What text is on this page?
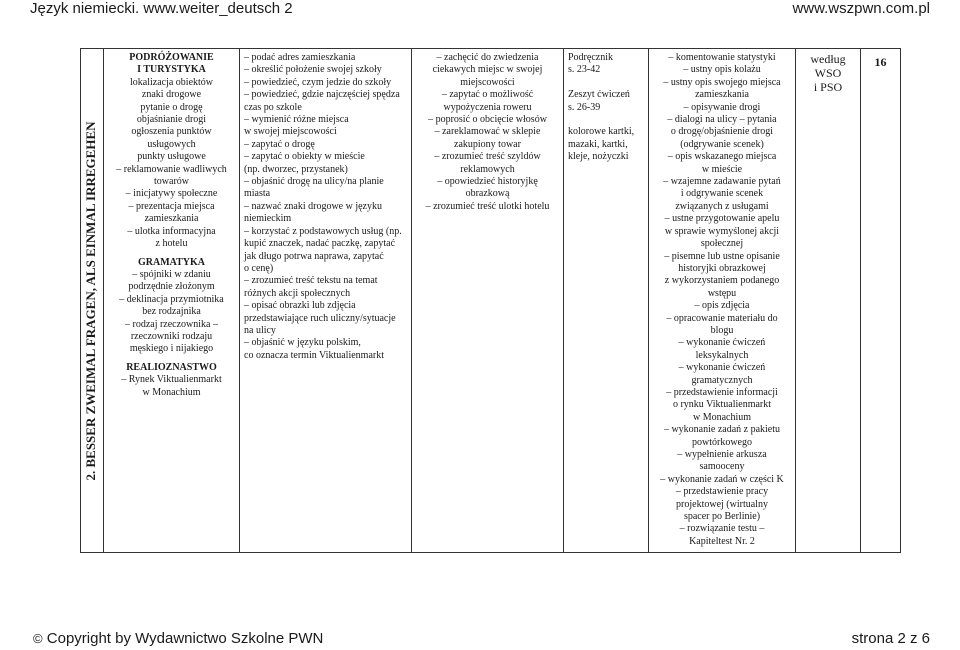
Język niemiecki. www.weiter_deutsch 2	www.wszpwn.com.pl
2. BESSER ZWEIMAL FRAGEN, ALS EINMAL IRREGEHEN

PODRÓŻOWANIE
I TURYSTYKA
lokalizacja obiektów
znaki drogowe
pytanie o drogę
objaśnianie drogi
ogłoszenia punktów
usługowych
punkty usługowe
– reklamowanie wadliwych
towarów
– inicjatywy społeczne
– prezentacja miejsca
zamieszkania
– ulotka informacyjna
z hotelu
GRAMATYKA
– spójniki w zdaniu
podrzędnie złożonym
– deklinacja przymiotnika
bez rodzajnika
– rodzaj rzeczownika –
rzeczowniki rodzaju
męskiego i nijakiego
REALIOZNASTWO
– Rynek Viktualienmarkt
w Monachium

– podać adres zamieszkania
– określić położenie swojej szkoły
– powiedzieć, czym jedzie do szkoły
– powiedzieć, gdzie najczęściej spędza
czas po szkole
– wymienić różne miejsca
w swojej miejscowości
– zapytać o drogę
– zapytać o obiekty w mieście
(np. dworzec, przystanek)
– objaśnić drogę na ulicy/na planie
miasta
– nazwać znaki drogowe w języku
niemieckim
– korzystać z podstawowych usług (np.
kupić znaczek, nadać paczkę, zapytać
jak długo potrwa naprawa, zapytać
o cenę)
– zrozumieć treść tekstu na temat
różnych akcji społecznych
– opisać obrazki lub zdjęcia
przedstawiające ruch uliczny/sytuacje
na ulicy
– objaśnić w języku polskim,
co oznacza termin Viktualienmarkt

– zachęcić do zwiedzenia
ciekawych miejsc w swojej
miejscowości
– zapytać o możliwość
wypożyczenia roweru
– poprosić o obcięcie włosów
– zareklamować w sklepie
zakupiony towar
– zrozumieć treść szyldów
reklamowych
– opowiedzieć historyjkę
obrazkową
– zrozumieć treść ulotki hotelu

Podręcznik
s. 23-42

Zeszyt ćwiczeń
s. 26-39

kolorowe kartki,
mazaki, kartki,
kleje, nożyczki

– komentowanie statystyki
– ustny opis kolażu
– ustny opis swojego miejsca
zamieszkania
– opisywanie drogi
– dialogi na ulicy – pytania
o drogę/objaśnienie drogi
(odgrywanie scenek)
– opis wskazanego miejsca
w mieście
– wzajemne zadawanie pytań
i odgrywanie scenek
związanych z usługami
– ustne przygotowanie apelu
w sprawie wymyślonej akcji
społecznej
– pisemne lub ustne opisanie
historyjki obrazkowej
z wykorzystaniem podanego
wstępu
– opis zdjęcia
– opracowanie materiału do
blogu
– wykonanie ćwiczeń
leksykalnych
– wykonanie ćwiczeń
gramatycznych
– przedstawienie informacji
o rynku Viktualienmarkt
w Monachium
– wykonanie zadań z pakietu
powtórkowego
– wypełnienie arkusza
samooceny
– wykonanie zadań w części K
– przedstawienie pracy
projektowej (wirtualny
spacer po Berlinie)
– rozwiązanie testu –
Kapiteltest Nr. 2

według
WSO
i PSO

16
© Copyright by Wydawnictwo Szkolne PWN	strona 2 z 6
